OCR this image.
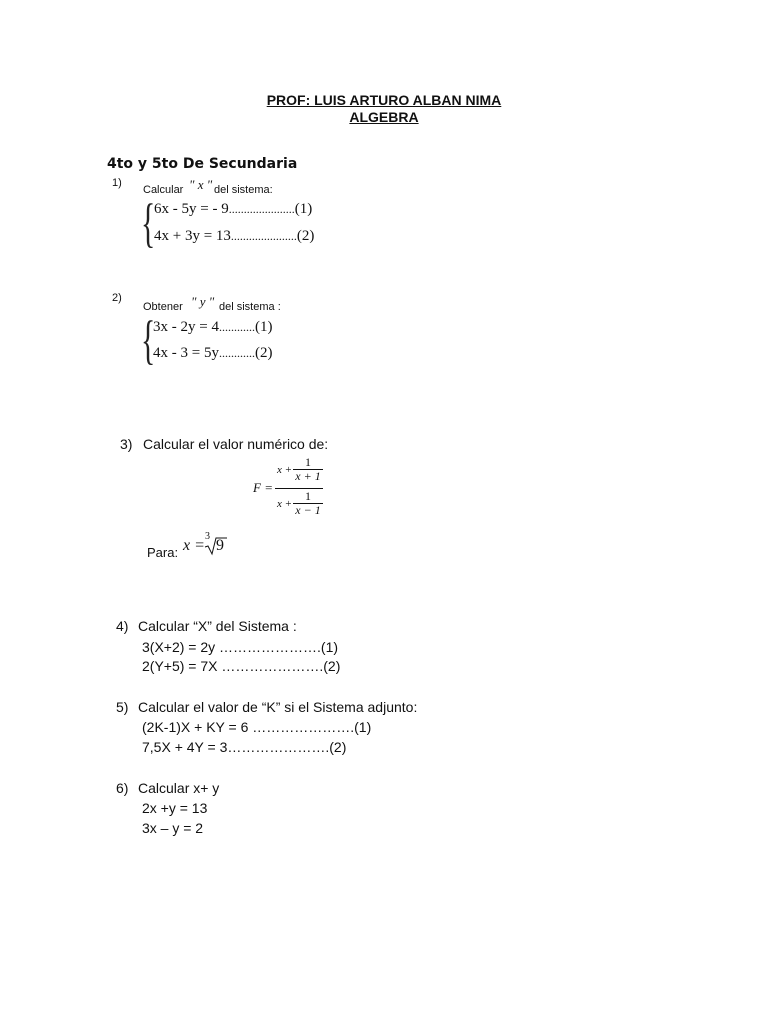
PROF: LUIS ARTURO ALBAN NIMA
ALGEBRA
4to y 5to De Secundaria
1)
Calcular " x " del sistema:
{
6x - 5y = - 9......................(1)
4x + 3y = 13......................(2)
2)
Obtener " y " del sistema :
{
3x - 2y = 4............(1)
4x - 3 = 5y............(2)
3) Calcular el valor numérico de:
F =
x +
1
x + 1
x +
1
x − 1
Para: x =
3
9
4) Calcular “X” del Sistema :
3(X+2) = 2y ………………….(1)
2(Y+5) = 7X ………………….(2)
5) Calcular el valor de “K” si el Sistema adjunto:
(2K-1)X + KY = 6 ………………….(1)
7,5X + 4Y = 3………………….(2)
6) Calcular x+ y
2x +y = 13
3x – y = 2
